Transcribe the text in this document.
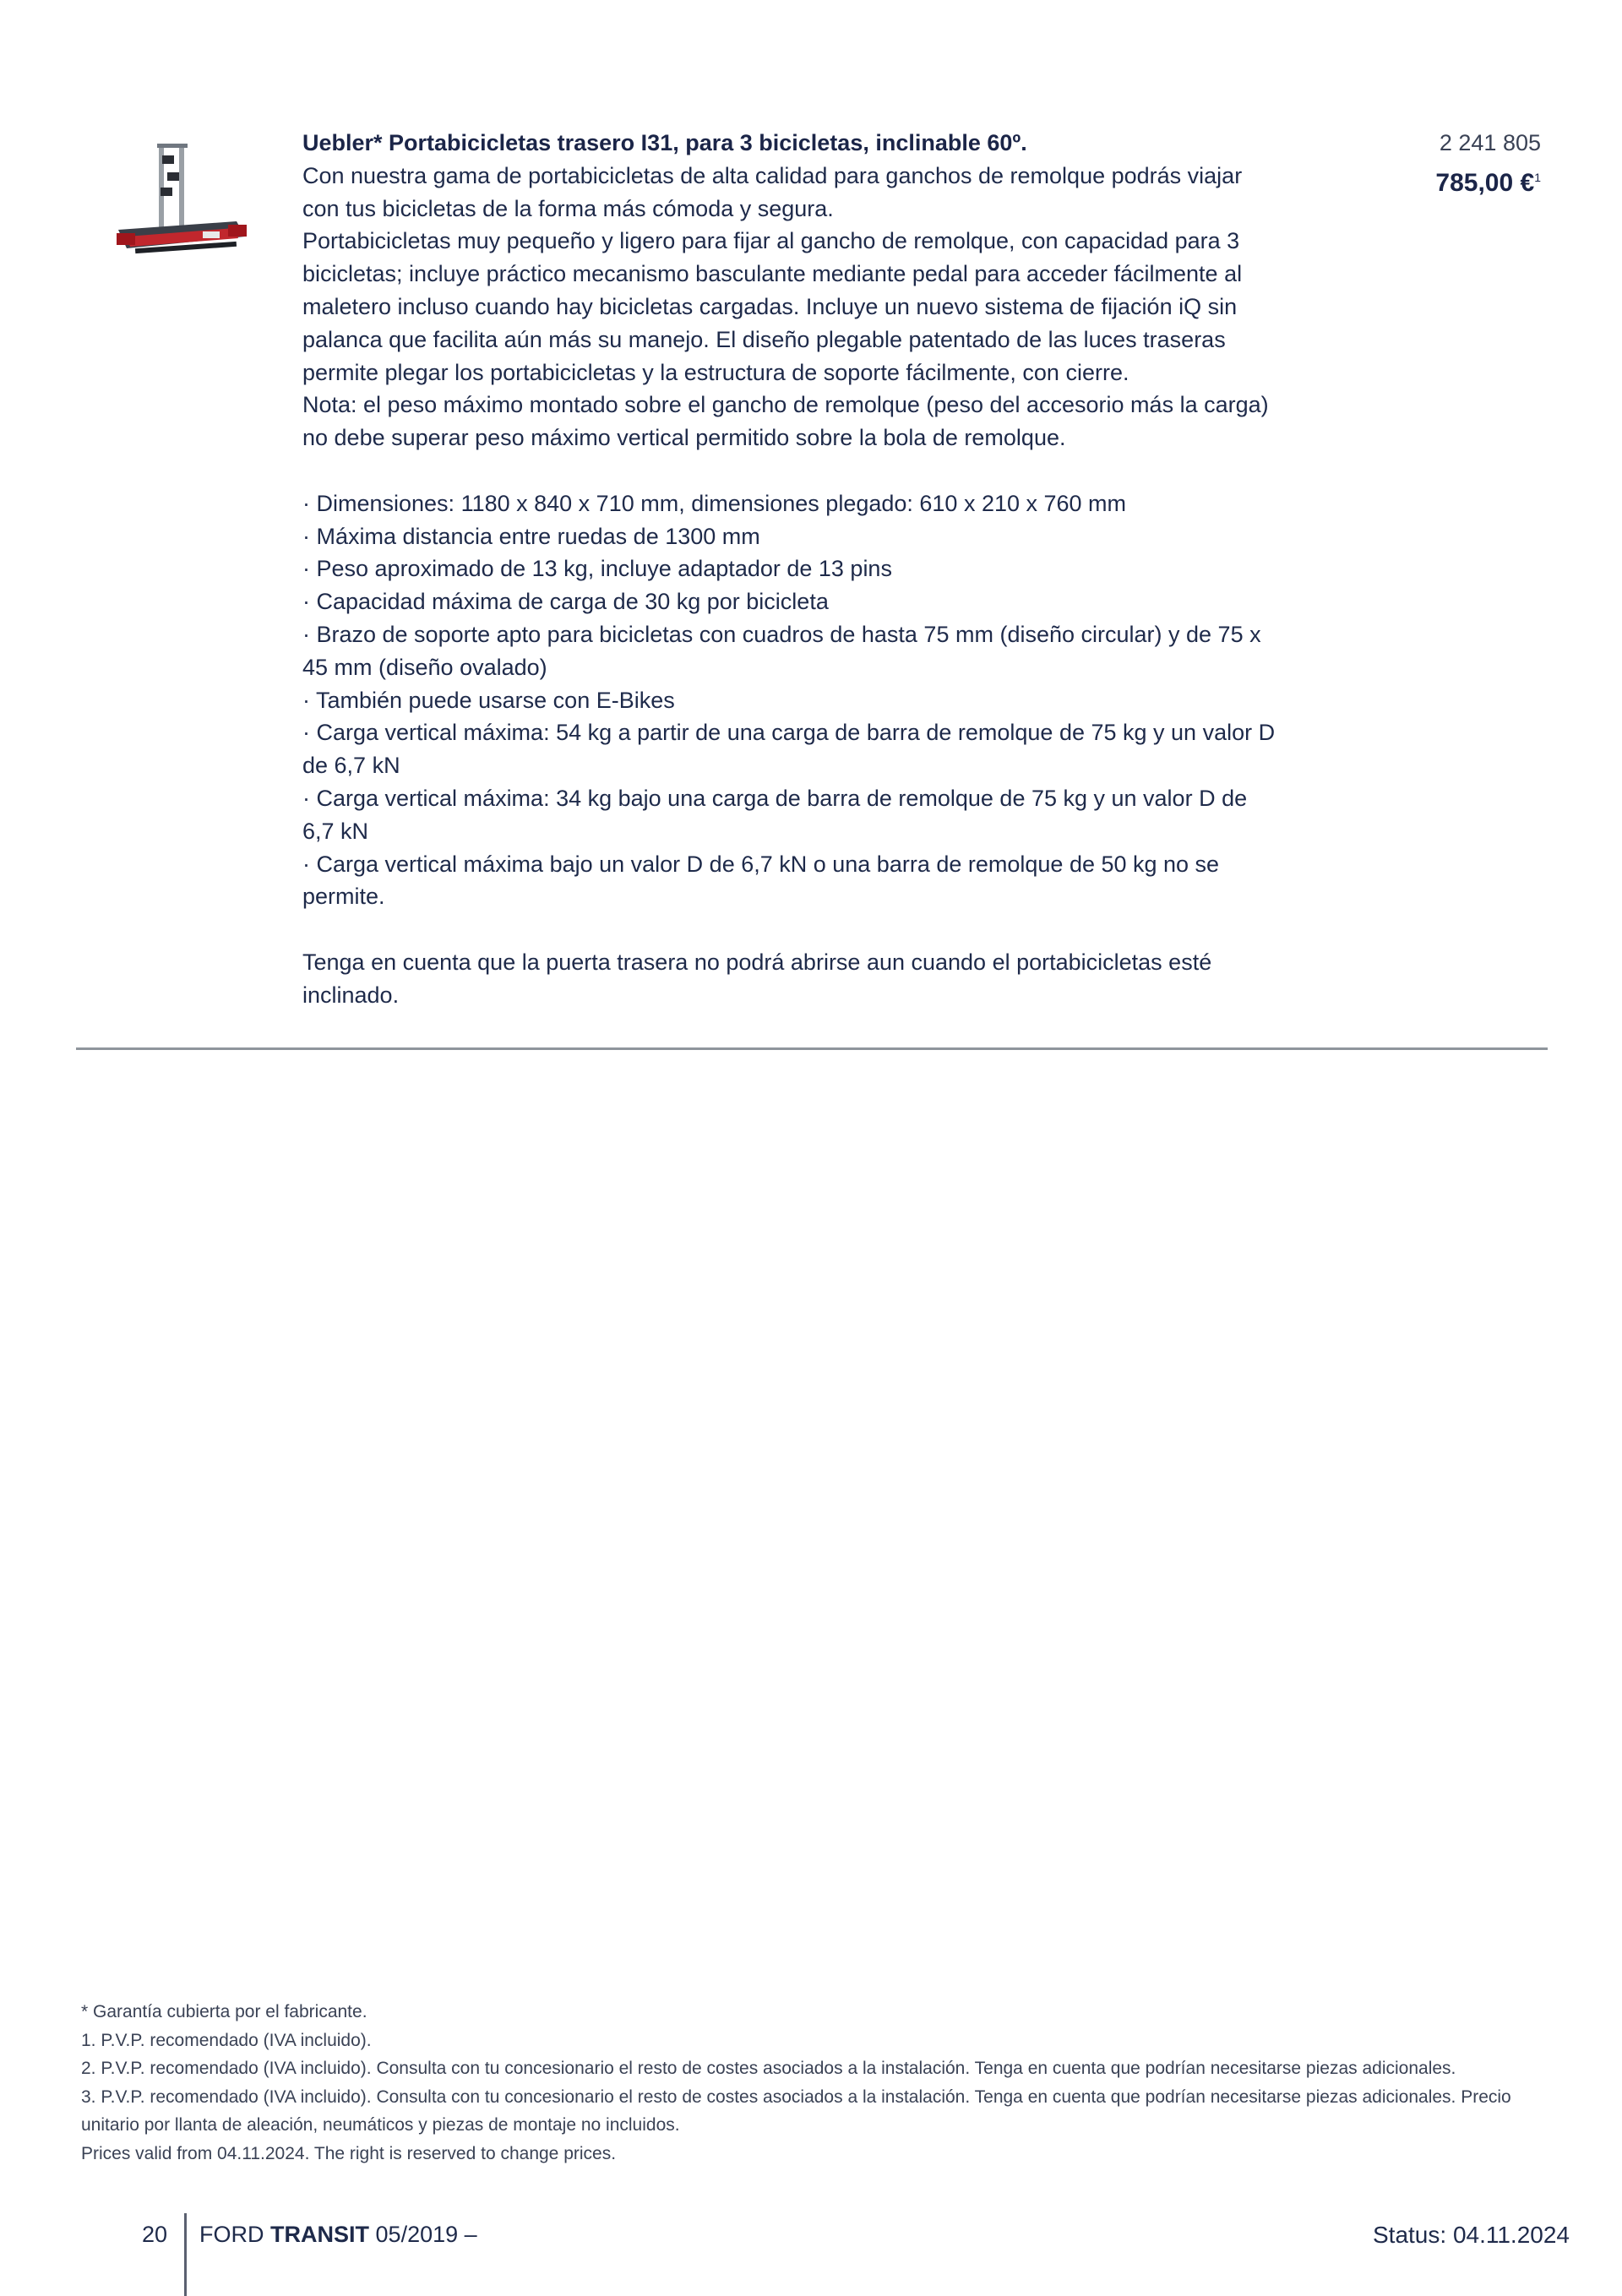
Uebler* Portabicicletas trasero I31, para 3 bicicletas, inclinable 60º.

Con nuestra gama de portabicicletas de alta calidad para ganchos de remolque podrás viajar con tus bicicletas de la forma más cómoda y segura.

Portabicicletas muy pequeño y ligero para fijar al gancho de remolque, con capacidad para 3 bicicletas; incluye práctico mecanismo basculante mediante pedal para acceder fácilmente al maletero incluso cuando hay bicicletas cargadas. Incluye un nuevo sistema de fijación iQ sin palanca que facilita aún más su manejo. El diseño plegable patentado de las luces traseras permite plegar los portabicicletas y la estructura de soporte fácilmente, con cierre.

Nota: el peso máximo montado sobre el gancho de remolque (peso del accesorio más la carga) no debe superar peso máximo vertical permitido sobre la bola de remolque.

· Dimensiones: 1180 x 840 x 710 mm, dimensiones plegado: 610 x 210 x 760 mm
· Máxima distancia entre ruedas de 1300 mm
· Peso aproximado de 13 kg, incluye adaptador de 13 pins
· Capacidad máxima de carga de 30 kg por bicicleta
· Brazo de soporte apto para bicicletas con cuadros de hasta 75 mm (diseño circular) y de 75 x 45 mm (diseño ovalado)
· También puede usarse con E-Bikes
· Carga vertical máxima: 54 kg a partir de una carga de barra de remolque de 75 kg y un valor D de 6,7 kN
· Carga vertical máxima: 34 kg bajo una carga de barra de remolque de 75 kg y un valor D de 6,7 kN
· Carga vertical máxima bajo un valor D de 6,7 kN o una barra de remolque de 50 kg no se permite.

Tenga en cuenta que la puerta trasera no podrá abrirse aun cuando el portabicicletas esté inclinado.

2 241 805
785,00 €$^1$

* Garantía cubierta por el fabricante.

1. P.V.P. recomendado (IVA incluido).

2. P.V.P. recomendado (IVA incluido). Consulta con tu concesionario el resto de costes asociados a la instalación. Tenga en cuenta que podrían necesitarse piezas adicionales.

3. P.V.P. recomendado (IVA incluido). Consulta con tu concesionario el resto de costes asociados a la instalación. Tenga en cuenta que podrían necesitarse piezas adicionales. Precio unitario por llanta de aleación, neumáticos y piezas de montaje no incluidos.

Prices valid from 04.11.2024. The right is reserved to change prices.

20 FORD TRANSIT 05/2019 –	Status: 04.11.2024
